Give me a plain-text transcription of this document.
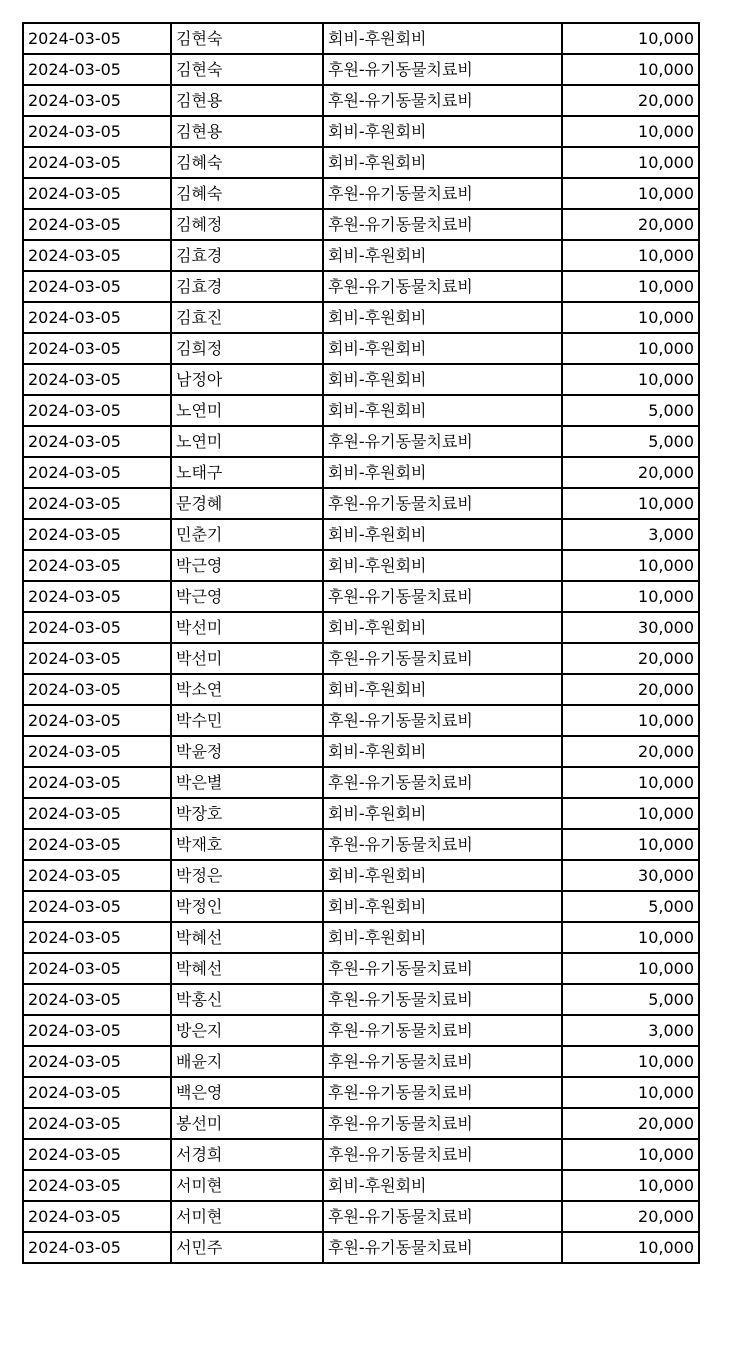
2024-03-05	김현숙	회비-후원회비	10,000
2024-03-05	김현숙	후원-유기동물치료비	10,000
2024-03-05	김현용	후원-유기동물치료비	20,000
2024-03-05	김현용	회비-후원회비	10,000
2024-03-05	김혜숙	회비-후원회비	10,000
2024-03-05	김혜숙	후원-유기동물치료비	10,000
2024-03-05	김혜정	후원-유기동물치료비	20,000
2024-03-05	김효경	회비-후원회비	10,000
2024-03-05	김효경	후원-유기동물치료비	10,000
2024-03-05	김효진	회비-후원회비	10,000
2024-03-05	김희정	회비-후원회비	10,000
2024-03-05	남정아	회비-후원회비	10,000
2024-03-05	노연미	회비-후원회비	5,000
2024-03-05	노연미	후원-유기동물치료비	5,000
2024-03-05	노태구	회비-후원회비	20,000
2024-03-05	문경혜	후원-유기동물치료비	10,000
2024-03-05	민춘기	회비-후원회비	3,000
2024-03-05	박근영	회비-후원회비	10,000
2024-03-05	박근영	후원-유기동물치료비	10,000
2024-03-05	박선미	회비-후원회비	30,000
2024-03-05	박선미	후원-유기동물치료비	20,000
2024-03-05	박소연	회비-후원회비	20,000
2024-03-05	박수민	후원-유기동물치료비	10,000
2024-03-05	박윤정	회비-후원회비	20,000
2024-03-05	박은별	후원-유기동물치료비	10,000
2024-03-05	박장호	회비-후원회비	10,000
2024-03-05	박재호	후원-유기동물치료비	10,000
2024-03-05	박정은	회비-후원회비	30,000
2024-03-05	박정인	회비-후원회비	5,000
2024-03-05	박혜선	회비-후원회비	10,000
2024-03-05	박혜선	후원-유기동물치료비	10,000
2024-03-05	박홍신	후원-유기동물치료비	5,000
2024-03-05	방은지	후원-유기동물치료비	3,000
2024-03-05	배윤지	후원-유기동물치료비	10,000
2024-03-05	백은영	후원-유기동물치료비	10,000
2024-03-05	봉선미	후원-유기동물치료비	20,000
2024-03-05	서경희	후원-유기동물치료비	10,000
2024-03-05	서미현	회비-후원회비	10,000
2024-03-05	서미현	후원-유기동물치료비	20,000
2024-03-05	서민주	후원-유기동물치료비	10,000
